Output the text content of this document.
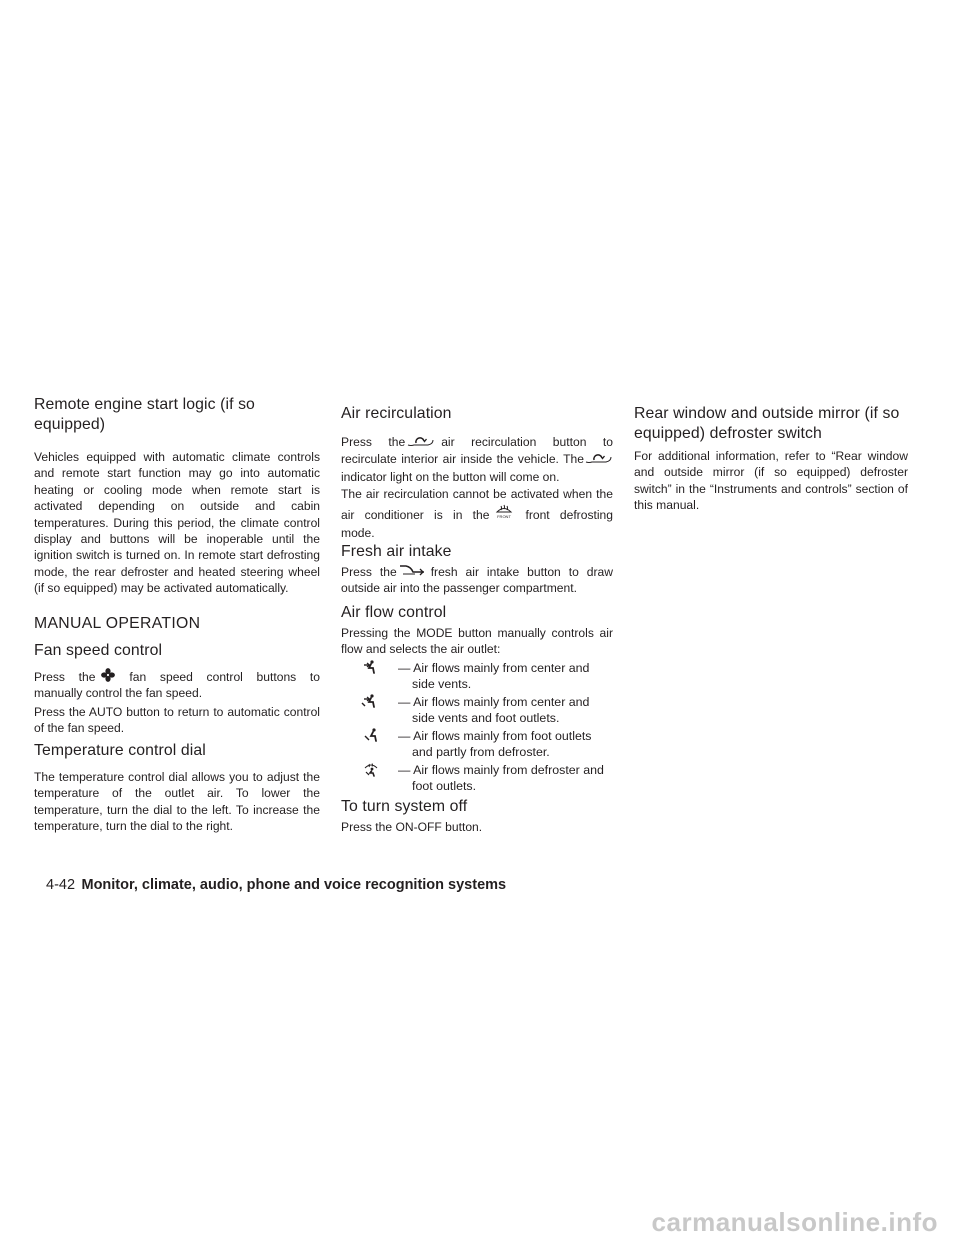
Remote engine start logic (if so equipped)

Vehicles equipped with automatic climate controls and remote start function may go into automatic heating or cooling mode when remote start is activated depending on outside and cabin temperatures. During this period, the climate control display and buttons will be inoperable until the ignition switch is turned on. In remote start defrosting mode, the rear defroster and heated steering wheel (if so equipped) may be activated automatically.

MANUAL OPERATION
Fan speed control

Press the	fan speed control buttons to manually control the fan speed.

Press the AUTO button to return to automatic control of the fan speed.

Temperature control dial

The temperature control dial allows you to adjust the temperature of the outlet air. To lower the temperature, turn the dial to the left. To increase the temperature, turn the dial to the right.

Air recirculation

Press the	air recirculation button to recirculate interior air inside the vehicle. The
indicator light on the button will come on.

The air recirculation cannot be activated when the air conditioner is in the FRONT front defrosting mode.

Fresh air intake

Press the	fresh air intake button to draw outside air into the passenger compartment.

Air flow control

Pressing the MODE button manually controls air flow and selects the air outlet:

— Air flows mainly from center and side vents.
— Air flows mainly from center and side vents and foot outlets.
— Air flows mainly from foot outlets and partly from defroster.
— Air flows mainly from defroster and foot outlets.
To turn system off

Press the ON-OFF button.

Rear window and outside mirror (if so equipped) defroster switch

For additional information, refer to “Rear window and outside mirror (if so equipped) defroster switch” in the “Instruments and controls” section of this manual.

4-42 Monitor, climate, audio, phone and voice recognition systems
carmanualsonline.info
